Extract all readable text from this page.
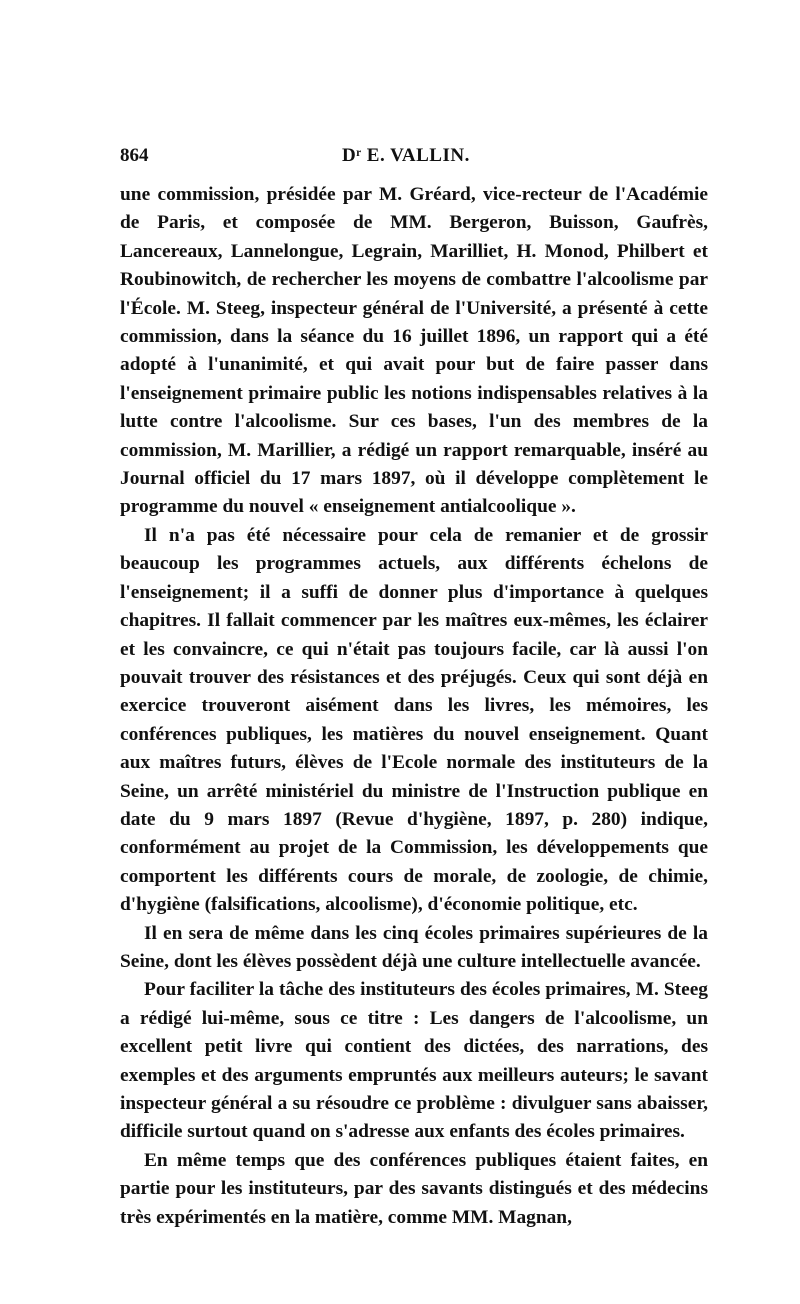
864	Dʳ E. VALLIN.

une commission, présidée par M. Gréard, vice-recteur de l'Académie de Paris, et composée de MM. Bergeron, Buisson, Gaufrès, Lancereaux, Lannelongue, Legrain, Marilliet, H. Monod, Philbert et Roubinowitch, de rechercher les moyens de combattre l'alcoolisme par l'École. M. Steeg, inspecteur général de l'Université, a présenté à cette commission, dans la séance du 16 juillet 1896, un rapport qui a été adopté à l'unanimité, et qui avait pour but de faire passer dans l'enseignement primaire public les notions indispensables relatives à la lutte contre l'alcoolisme. Sur ces bases, l'un des membres de la commission, M. Marillier, a rédigé un rapport remarquable, inséré au Journal officiel du 17 mars 1897, où il développe complètement le programme du nouvel « enseignement antialcoolique ».

Il n'a pas été nécessaire pour cela de remanier et de grossir beaucoup les programmes actuels, aux différents échelons de l'enseignement; il a suffi de donner plus d'importance à quelques chapitres. Il fallait commencer par les maîtres eux-mêmes, les éclairer et les convaincre, ce qui n'était pas toujours facile, car là aussi l'on pouvait trouver des résistances et des préjugés. Ceux qui sont déjà en exercice trouveront aisément dans les livres, les mémoires, les conférences publiques, les matières du nouvel enseignement. Quant aux maîtres futurs, élèves de l'Ecole normale des instituteurs de la Seine, un arrêté ministériel du ministre de l'Instruction publique en date du 9 mars 1897 (Revue d'hygiène, 1897, p. 280) indique, conformément au projet de la Commission, les développements que comportent les différents cours de morale, de zoologie, de chimie, d'hygiène (falsifications, alcoolisme), d'économie politique, etc.

Il en sera de même dans les cinq écoles primaires supérieures de la Seine, dont les élèves possèdent déjà une culture intellectuelle avancée.

Pour faciliter la tâche des instituteurs des écoles primaires, M. Steeg a rédigé lui-même, sous ce titre : Les dangers de l'alcoolisme, un excellent petit livre qui contient des dictées, des narrations, des exemples et des arguments empruntés aux meilleurs auteurs; le savant inspecteur général a su résoudre ce problème : divulguer sans abaisser, difficile surtout quand on s'adresse aux enfants des écoles primaires.

En même temps que des conférences publiques étaient faites, en partie pour les instituteurs, par des savants distingués et des médecins très expérimentés en la matière, comme MM. Magnan,
